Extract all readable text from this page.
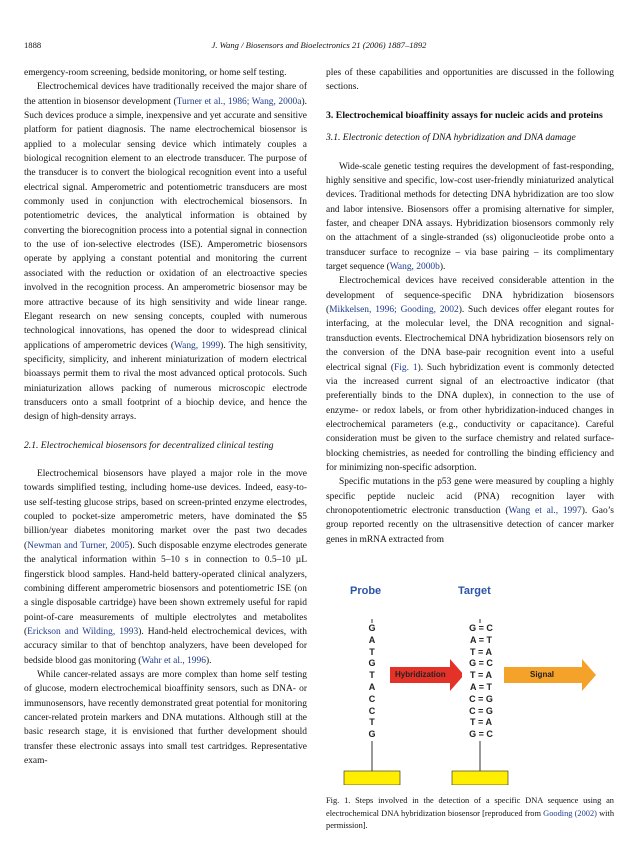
1888	J. Wang / Biosensors and Bioelectronics 21 (2006) 1887–1892

emergency-room screening, bedside monitoring, or home self testing.

Electrochemical devices have traditionally received the major share of the attention in biosensor development (Turner et al., 1986; Wang, 2000a). Such devices produce a simple, inexpensive and yet accurate and sensitive platform for patient diagnosis. The name electrochemical biosensor is applied to a molecular sensing device which intimately couples a biological recognition element to an electrode transducer. The purpose of the transducer is to convert the biological recognition event into a useful electrical signal. Amperometric and potentiometric transducers are most commonly used in conjunction with electrochemical biosensors. In potentiometric devices, the analytical information is obtained by converting the biorecognition process into a potential signal in connection to the use of ion-selective electrodes (ISE). Amperometric biosensors operate by applying a constant potential and monitoring the current associated with the reduction or oxidation of an electroactive species involved in the recognition process. An amperometric biosensor may be more attractive because of its high sensitivity and wide linear range. Elegant research on new sensing concepts, coupled with numerous technological innovations, has opened the door to widespread clinical applications of amperometric devices (Wang, 1999). The high sensitivity, specificity, simplicity, and inherent miniaturization of modern electrical bioassays permit them to rival the most advanced optical protocols. Such miniaturization allows packing of numerous microscopic electrode transducers onto a small footprint of a biochip device, and hence the design of high-density arrays.

2.1. Electrochemical biosensors for decentralized clinical testing

Electrochemical biosensors have played a major role in the move towards simplified testing, including home-use devices. Indeed, easy-to-use self-testing glucose strips, based on screen-printed enzyme electrodes, coupled to pocket-size amperometric meters, have dominated the $5 billion/year diabetes monitoring market over the past two decades (Newman and Turner, 2005). Such disposable enzyme electrodes generate the analytical information within 5–10 s in connection to 0.5–10 µL fingerstick blood samples. Hand-held battery-operated clinical analyzers, combining different amperometric biosensors and potentiometric ISE (on a single disposable cartridge) have been shown extremely useful for rapid point-of-care measurements of multiple electrolytes and metabolites (Erickson and Wilding, 1993). Hand-held electrochemical devices, with accuracy similar to that of benchtop analyzers, have been developed for bedside blood gas monitoring (Wahr et al., 1996).

While cancer-related assays are more complex than home self testing of glucose, modern electrochemical bioaffinity sensors, such as DNA- or immunosensors, have recently demonstrated great potential for monitoring cancer-related protein markers and DNA mutations. Although still at the basic research stage, it is envisioned that further development should transfer these electronic assays into small test cartridges. Representative exam-

ples of these capabilities and opportunities are discussed in the following sections.

3. Electrochemical bioaffinity assays for nucleic acids and proteins

3.1. Electronic detection of DNA hybridization and DNA damage

Wide-scale genetic testing requires the development of fast-responding, highly sensitive and specific, low-cost user-friendly miniaturized analytical devices. Traditional methods for detecting DNA hybridization are too slow and labor intensive. Biosensors offer a promising alternative for simpler, faster, and cheaper DNA assays. Hybridization biosensors commonly rely on the attachment of a single-stranded (ss) oligonucleotide probe onto a transducer surface to recognize – via base pairing – its complimentary target sequence (Wang, 2000b).

Electrochemical devices have received considerable attention in the development of sequence-specific DNA hybridization biosensors (Mikkelsen, 1996; Gooding, 2002). Such devices offer elegant routes for interfacing, at the molecular level, the DNA recognition and signal-transduction events. Electrochemical DNA hybridization biosensors rely on the conversion of the DNA base-pair recognition event into a useful electrical signal (Fig. 1). Such hybridization event is commonly detected via the increased current signal of an electroactive indicator (that preferentially binds to the DNA duplex), in connection to the use of enzyme- or redox labels, or from other hybridization-induced changes in electrochemical parameters (e.g., conductivity or capacitance). Careful consideration must be given to the surface chemistry and related surface-blocking chemistries, as needed for controlling the binding efficiency and for minimizing non-specific adsorption.

Specific mutations in the p53 gene were measured by coupling a highly specific peptide nucleic acid (PNA) recognition layer with chronopotentiometric electronic transduction (Wang et al., 1997). Gao’s group reported recently on the ultrasensitive detection of cancer marker genes in mRNA extracted from

Probe	Target
G
A
T
G
T
A
C
C
T
G
G = C
A = T
T = A
G = C
T = A
A = T
C = G
C = G
T = A
G = C
Hybridization	Signal
Fig. 1. Steps involved in the detection of a specific DNA sequence using an electrochemical DNA hybridization biosensor [reproduced from Gooding (2002) with permission].
